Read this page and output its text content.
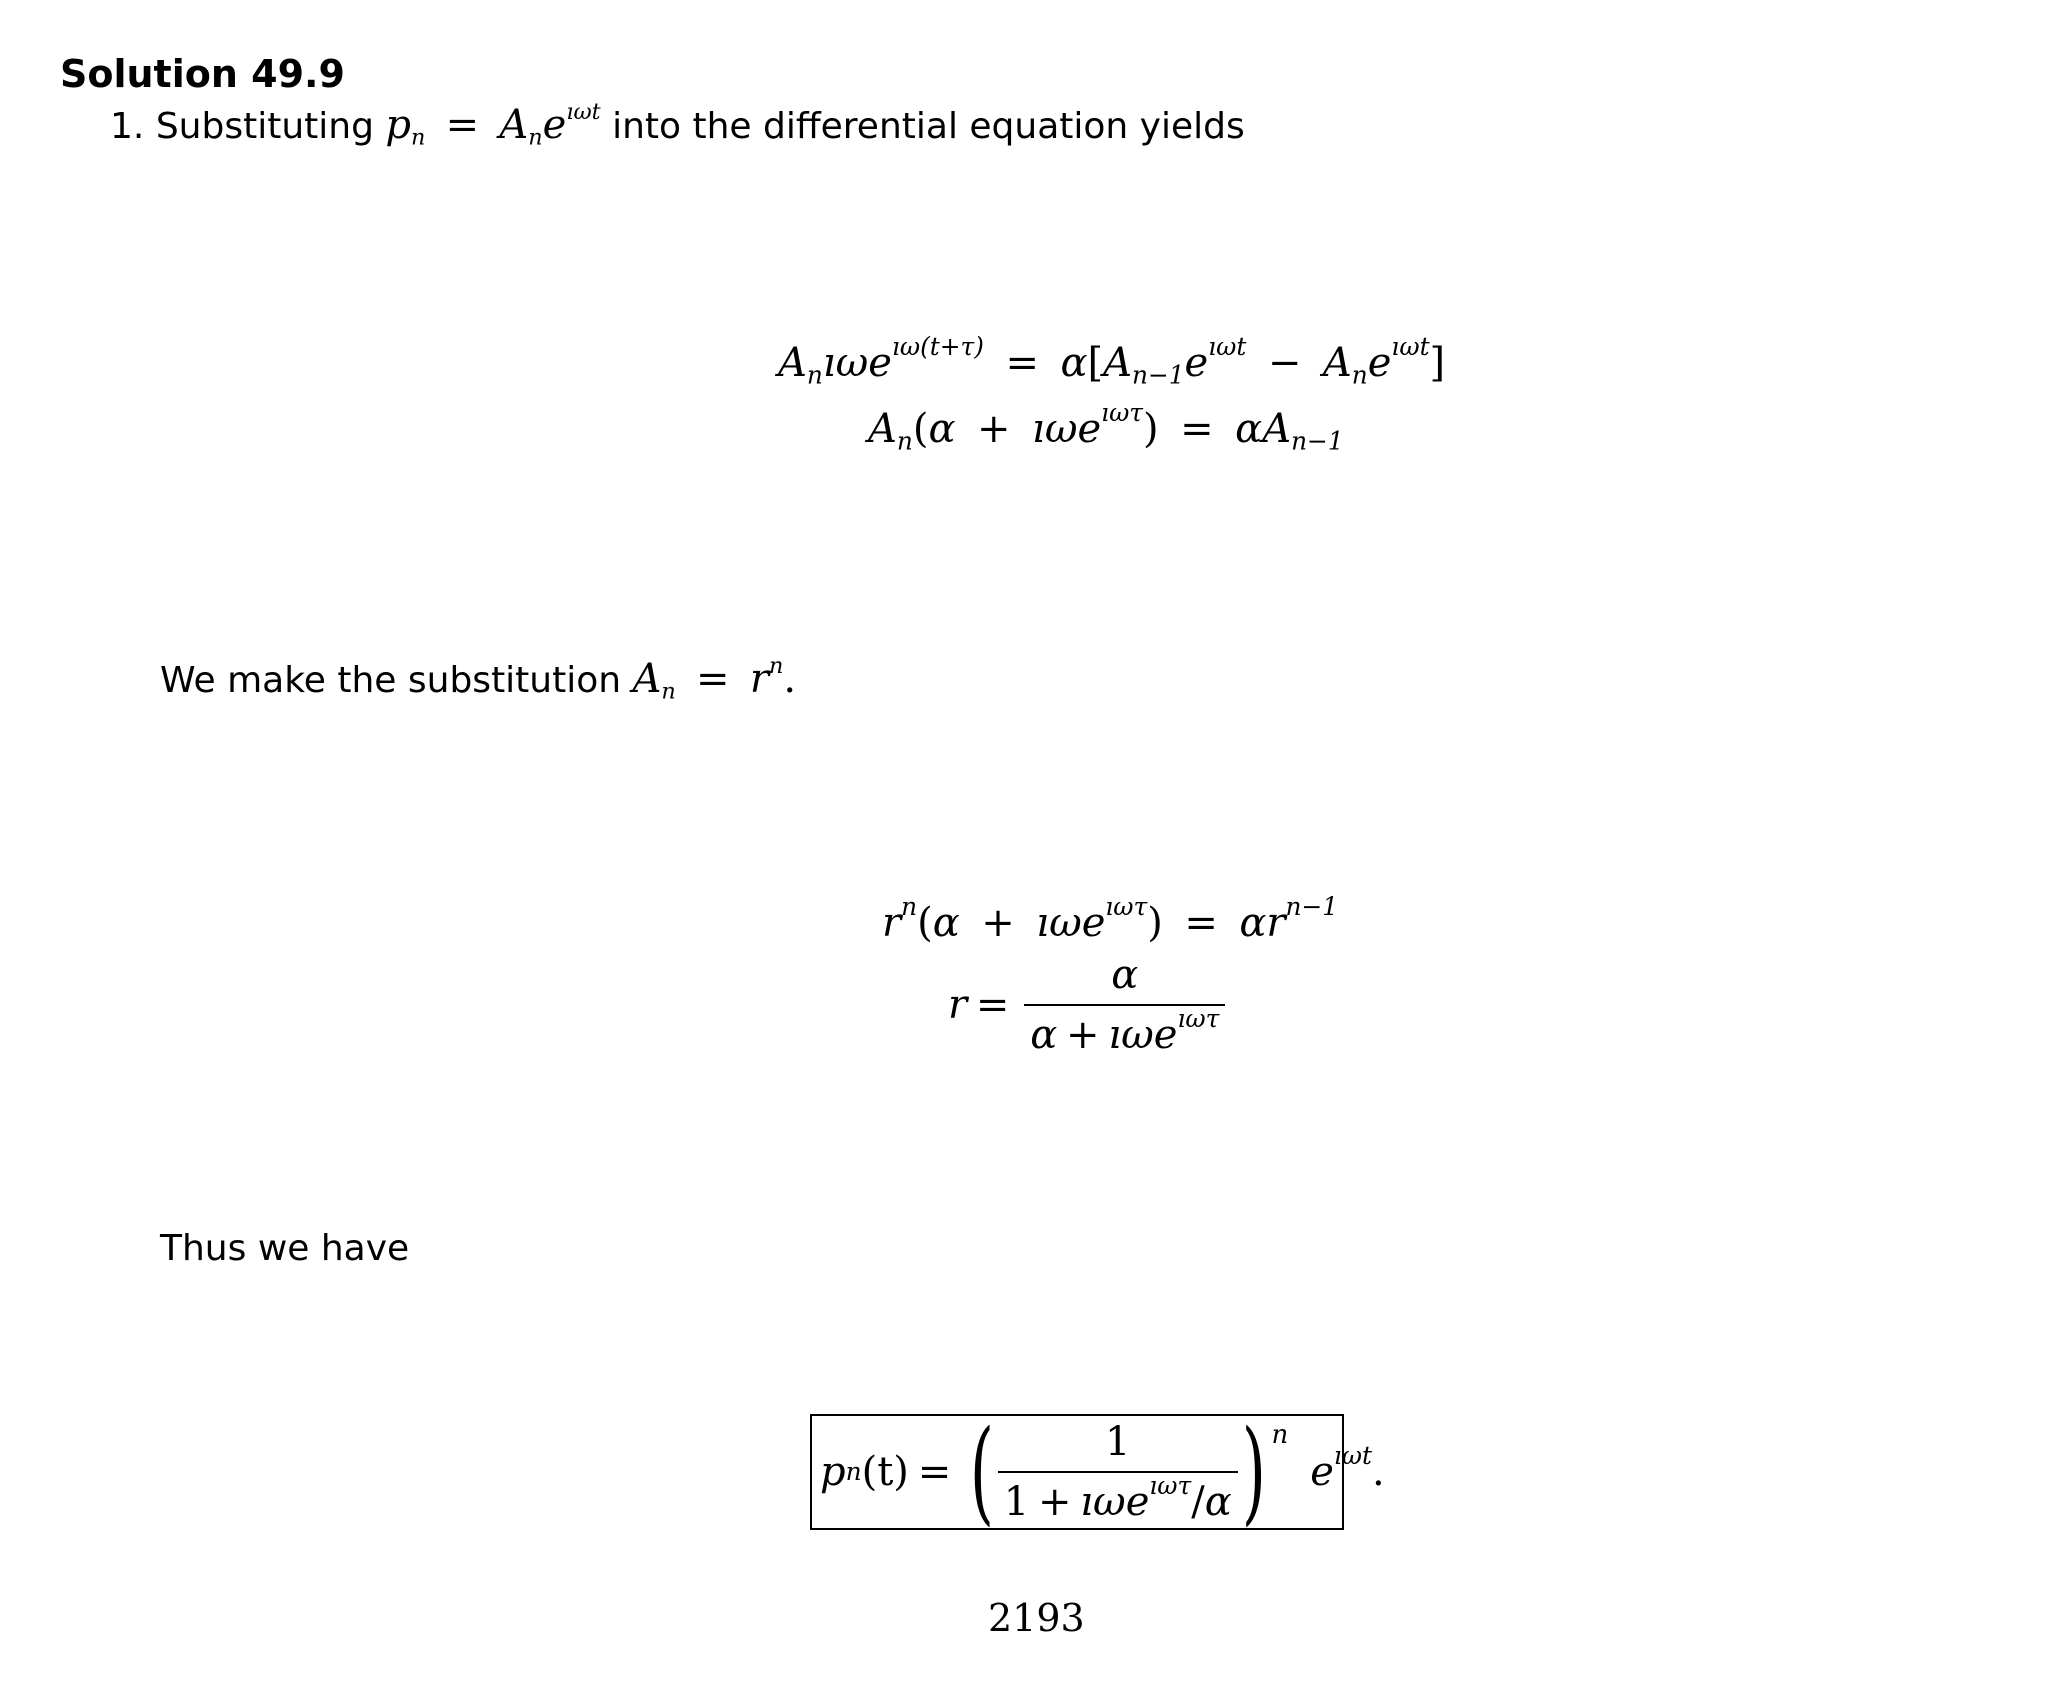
Solution 49.9
1. Substituting $p_n = A_ne^{ı\omega t}$ into the differential equation yields
$A_nı\omega e^{ı\omega(t+\tau)} = \alpha[A_{n-1}e^{ı\omega t} - A_ne^{ı\omega t}]$
$A_n(\alpha$ + ıωe$^{ı\omega\tau}$) = $\alpha A_{n-1}$
We make the substitution $A_n = r^n$.
$r^n(\alpha$ + ıωe$^{ı\omega\tau}$) = $\alpha r^{n-1}$
$r = \frac{\alpha}{\alpha + ı\omega e^{ı\omega\tau}}$
Thus we have
p n (t) = ( $\frac{1}{1 + ı\omega e^{ı\omega\tau}/\alpha}$ ) n
$e^{ı\omega t}$.
2193
